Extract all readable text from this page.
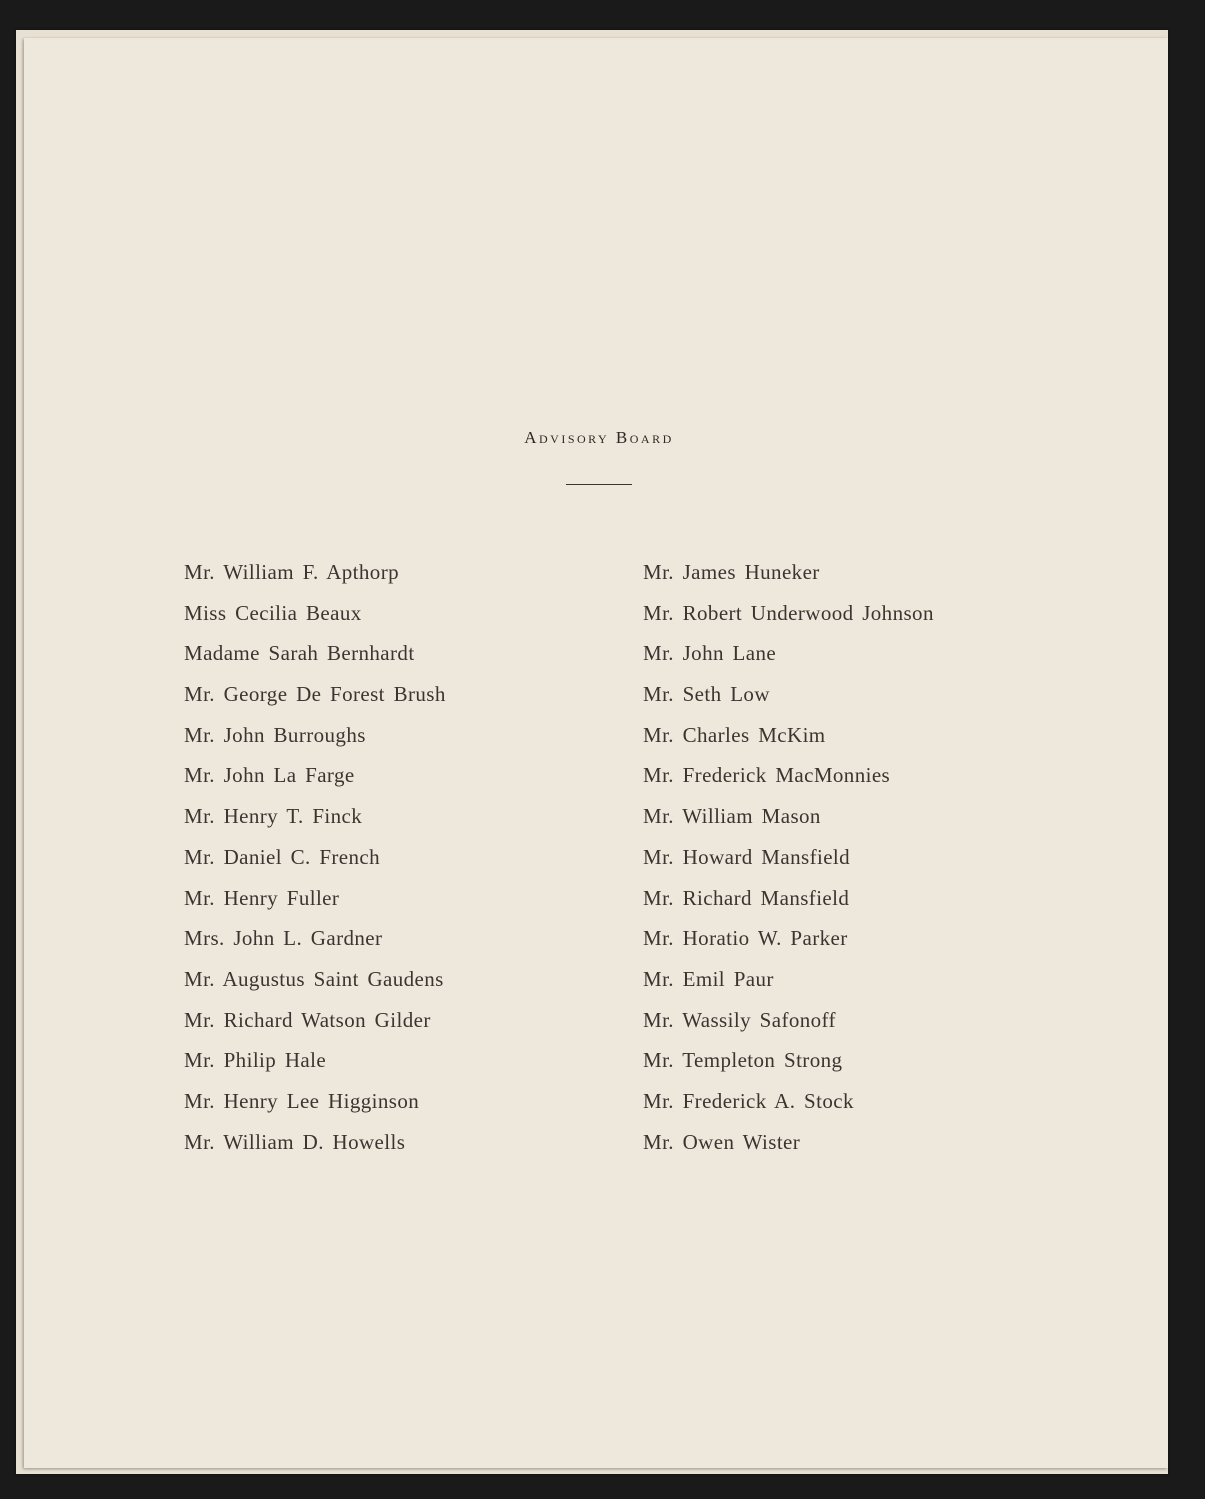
Advisory Board
Mr. William F. Apthorp
Miss Cecilia Beaux
Madame Sarah Bernhardt
Mr. George De Forest Brush
Mr. John Burroughs
Mr. John La Farge
Mr. Henry T. Finck
Mr. Daniel C. French
Mr. Henry Fuller
Mrs. John L. Gardner
Mr. Augustus Saint Gaudens
Mr. Richard Watson Gilder
Mr. Philip Hale
Mr. Henry Lee Higginson
Mr. William D. Howells
Mr. James Huneker
Mr. Robert Underwood Johnson
Mr. John Lane
Mr. Seth Low
Mr. Charles McKim
Mr. Frederick MacMonnies
Mr. William Mason
Mr. Howard Mansfield
Mr. Richard Mansfield
Mr. Horatio W. Parker
Mr. Emil Paur
Mr. Wassily Safonoff
Mr. Templeton Strong
Mr. Frederick A. Stock
Mr. Owen Wister
